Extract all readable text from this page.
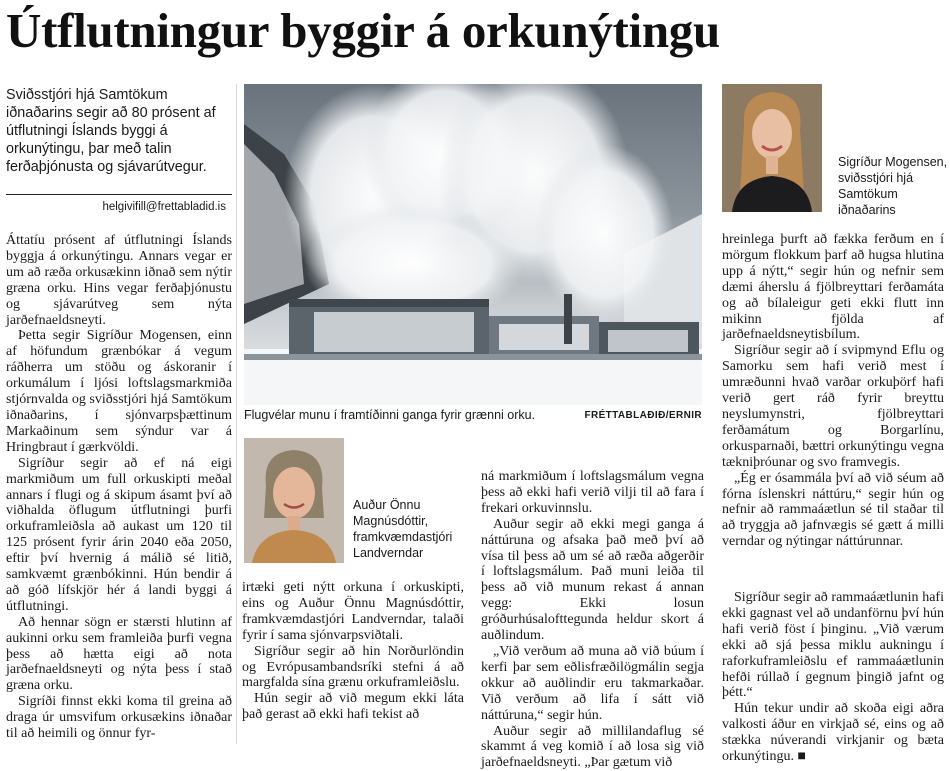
Útflutningur byggir á orkunýtingu
Sviðsstjóri hjá Samtökum iðnaðarins segir að 80 prósent af útflutningi Íslands byggi á orkunýtingu, þar með talin ferðaþjónusta og sjávarútvegur.
helgivifill@frettabladid.is

Áttatíu prósent af útflutningi Íslands byggja á orkunýtingu. Annars vegar er um að ræða orkusækinn iðnað sem nýtir græna orku. Hins vegar ferðaþjónustu og sjávarútveg sem nýta jarðefnaeldsneyti.

Þetta segir Sigríður Mogensen, einn af höfundum grænbókar á vegum ráðherra um stöðu og áskoranir í orkumálum í ljósi loftslagsmarkmiða stjórnvalda og sviðsstjóri hjá Samtökum iðnaðarins, í sjónvarpsþættinum Markaðinum sem sýndur var á Hringbraut í gærkvöldi.

Sigríður segir að ef ná eigi markmiðum um full orkuskipti meðal annars í flugi og á skipum ásamt því að viðhalda öflugum útflutningi þurfi orkuframleiðsla að aukast um 120 til 125 prósent fyrir árin 2040 eða 2050, eftir því hvernig á málið sé litið, samkvæmt grænbókinni. Hún bendir á að góð lífskjör hér á landi byggi á útflutningi.

Að hennar sögn er stærsti hlutinn af aukinni orku sem framleiða þurfi vegna þess að hætta eigi að nota jarðefnaeldsneyti og nýta þess í stað græna orku.

Sigríði finnst ekki koma til greina að draga úr umsvifum orkusækins iðnaðar til að heimili og önnur fyr-

Flugvélar munu í framtíðinni ganga fyrir grænni orku.	FRÉTTABLAÐIÐ/ERNIR
Sigríður Mogensen,
sviðsstjóri hjá Samtökum iðnaðarins
Auður Önnu Magnúsdóttir,
framkvæmdastjóri Landverndar

irtæki geti nýtt orkuna í orkuskipti, eins og Auður Önnu Magnúsdóttir, framkvæmdastjóri Landverndar, talaði fyrir í sama sjónvarpsviðtali.

Sigríður segir að hin Norðurlöndin og Evrópusambandsríki stefni á að margfalda sína grænu orkuframleiðslu.

Hún segir að við megum ekki láta það gerast að ekki hafi tekist að

ná markmiðum í loftslagsmálum vegna þess að ekki hafi verið vilji til að fara í frekari orkuvinnslu.

Auður segir að ekki megi ganga á náttúruna og afsaka það með því að vísa til þess að um sé að ræða aðgerðir í loftslagsmálum. Það muni leiða til þess að við munum rekast á annan vegg: Ekki losun gróðurhúsalofttegunda heldur skort á auðlindum.

„Við verðum að muna að við búum í kerfi þar sem eðlisfræðilögmálin segja okkur að auðlindir eru takmarkaðar. Við verðum að lifa í sátt við náttúruna,“ segir hún.

Auður segir að millilandaflug sé skammt á veg komið í að losa sig við jarðefnaeldsneyti. „Þar gætum við

hreinlega þurft að fækka ferðum en í mörgum flokkum þarf að hugsa hlutina upp á nýtt,“ segir hún og nefnir sem dæmi áherslu á fjölbreyttari ferðamáta og að bílaleigur geti ekki flutt inn mikinn fjölda af jarðefnaeldsneytisbílum.

Sigríður segir að í svipmynd Eflu og Samorku sem hafi verið mest í umræðunni hvað varðar orkuþörf hafi verið gert ráð fyrir breyttu neyslumynstri, fjölbreyttari ferðamátum og Borgarlínu, orkusparnaði, bættri orkunýtingu vegna tækniþróunar og svo framvegis.

„Ég er ósammála því að við séum að fórna íslenskri náttúru,“ segir hún og nefnir að rammaáætlun sé til staðar til að tryggja að jafnvægis sé gætt á milli verndar og nýtingar náttúrunnar.

Sigríður segir að rammaáætlunin hafi ekki gagnast vel að undanförnu því hún hafi verið föst í þinginu. „Við værum ekki að sjá þessa miklu aukningu í raforkuframleiðslu ef rammaáætlunin hefði rúllað í gegnum þingið jafnt og þétt.“

Hún tekur undir að skoða eigi aðra valkosti áður en virkjað sé, eins og að stækka núverandi virkjanir og bæta orkunýtingu. ■
